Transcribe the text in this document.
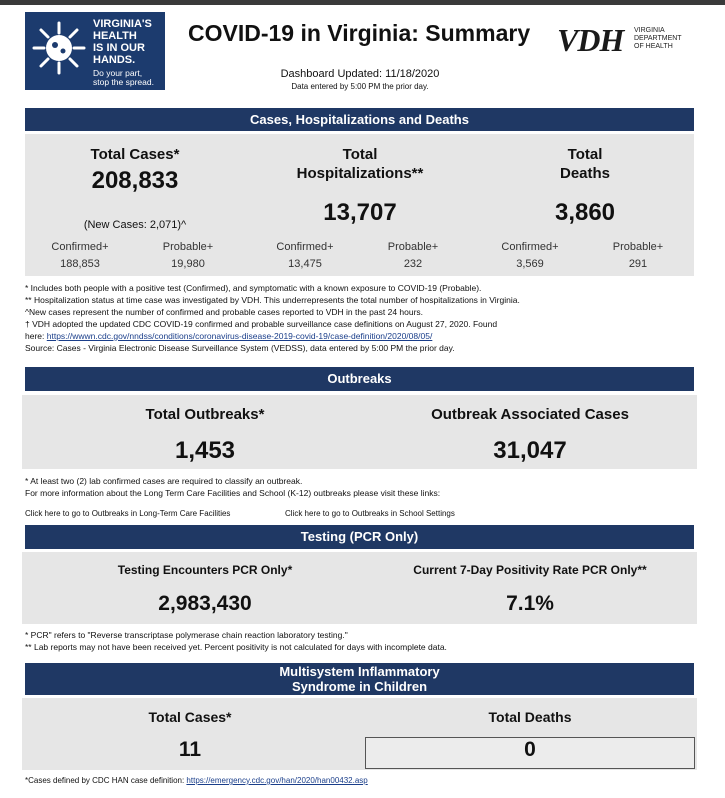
VIRGINIA'S
HEALTH
IS IN OUR
HANDS.
Do your part,
stop the spread.
COVID-19 in Virginia: Summary VDH VIRGINIA
DEPARTMENT
OF HEALTH
Dashboard Updated: 11/18/2020
Data entered by 5:00 PM the prior day.
Cases, Hospitalizations and Deaths
Total Cases*
208,833
(New Cases: 2,071)^
Total
Hospitalizations**
13,707
Total
Deaths
3,860
Confirmed+	Probable+
188,853	19,980
Confirmed+	Probable+
13,475	232
Confirmed+	Probable+
3,569	291
* Includes both people with a positive test (Confirmed), and symptomatic with a known exposure to COVID-19 (Probable).
** Hospitalization status at time case was investigated by VDH. This underrepresents the total number of hospitalizations in Virginia.
^New cases represent the number of confirmed and probable cases reported to VDH in the past 24 hours.
† VDH adopted the updated CDC COVID-19 confirmed and probable surveillance case definitions on August 27, 2020. Found
here: https://wwwn.cdc.gov/nndss/conditions/coronavirus-disease-2019-covid-19/case-definition/2020/08/05/
Source: Cases - Virginia Electronic Disease Surveillance System (VEDSS), data entered by 5:00 PM the prior day.
Outbreaks
Total Outbreaks*
1,453
Outbreak Associated Cases
31,047
* At least two (2) lab confirmed cases are required to classify an outbreak.
For more information about the Long Term Care Facilities and School (K-12) outbreaks please visit these links:
Click here to go to Outbreaks in Long-Term Care Facilities	Click here to go to Outbreaks in School Settings
Testing (PCR Only)
Testing Encounters PCR Only*
2,983,430
Current 7-Day Positivity Rate PCR Only**
7.1%
* PCR" refers to "Reverse transcriptase polymerase chain reaction laboratory testing."
** Lab reports may not have been received yet. Percent positivity is not calculated for days with incomplete data.
Multisystem Inflammatory
Syndrome in Children
Total Cases*
11
Total Deaths
0
*Cases defined by CDC HAN case definition: https://emergency.cdc.gov/han/2020/han00432.asp
